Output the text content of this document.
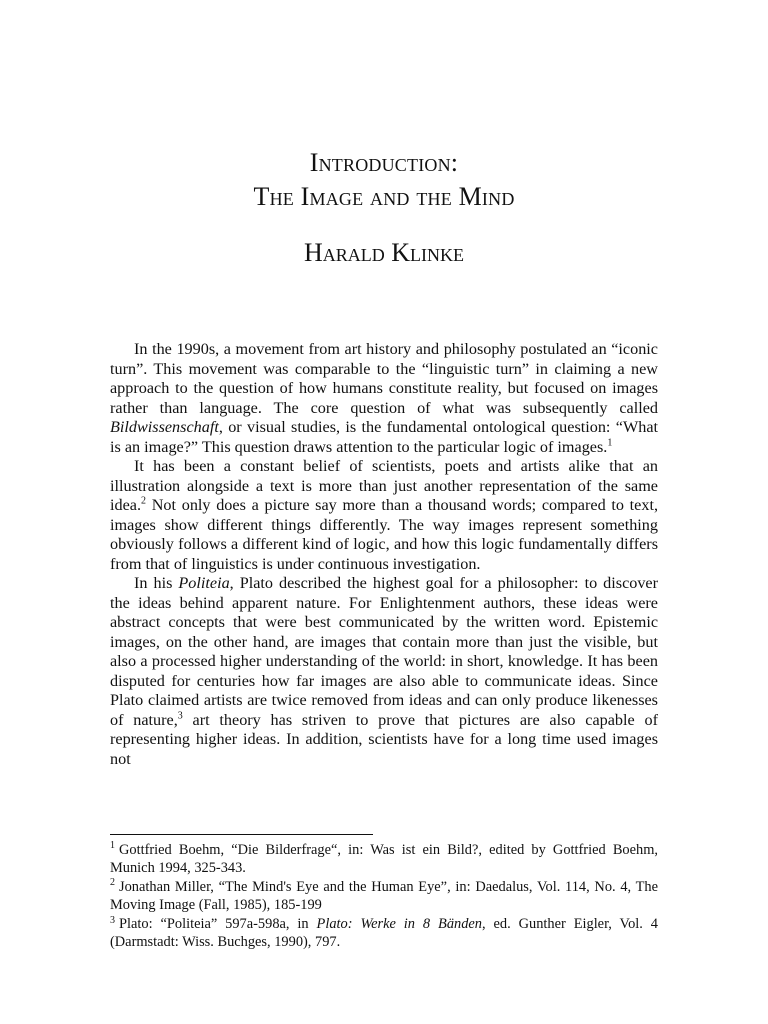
Introduction:
The Image and the Mind
Harald Klinke

In the 1990s, a movement from art history and philosophy postulated an “iconic turn”. This movement was comparable to the “linguistic turn” in claiming a new approach to the question of how humans constitute reality, but focused on images rather than language. The core question of what was subsequently called Bildwissenschaft, or visual studies, is the fundamental ontological question: “What is an image?” This question draws attention to the particular logic of images.$^1$

It has been a constant belief of scientists, poets and artists alike that an illustration alongside a text is more than just another representation of the same idea.$^2$ Not only does a picture say more than a thousand words; compared to text, images show different things differently. The way images represent something obviously follows a different kind of logic, and how this logic fundamentally differs from that of linguistics is under continuous investigation.

In his Politeia, Plato described the highest goal for a philosopher: to discover the ideas behind apparent nature. For Enlightenment authors, these ideas were abstract concepts that were best communicated by the written word. Epistemic images, on the other hand, are images that contain more than just the visible, but also a processed higher understanding of the world: in short, knowledge. It has been disputed for centuries how far images are also able to communicate ideas. Since Plato claimed artists are twice removed from ideas and can only produce likenesses of nature,$^3$ art theory has striven to prove that pictures are also capable of representing higher ideas. In addition, scientists have for a long time used images not

$^1$ Gottfried Boehm, “Die Bilderfrage“, in: Was ist ein Bild?, edited by Gottfried Boehm, Munich 1994, 325-343.

$^2$ Jonathan Miller, “The Mind's Eye and the Human Eye”, in: Daedalus, Vol. 114, No. 4, The Moving Image (Fall, 1985), 185-199

$^3$ Plato: “Politeia” 597a-598a, in Plato: Werke in 8 Bänden, ed. Gunther Eigler, Vol. 4 (Darmstadt: Wiss. Buchges, 1990), 797.
